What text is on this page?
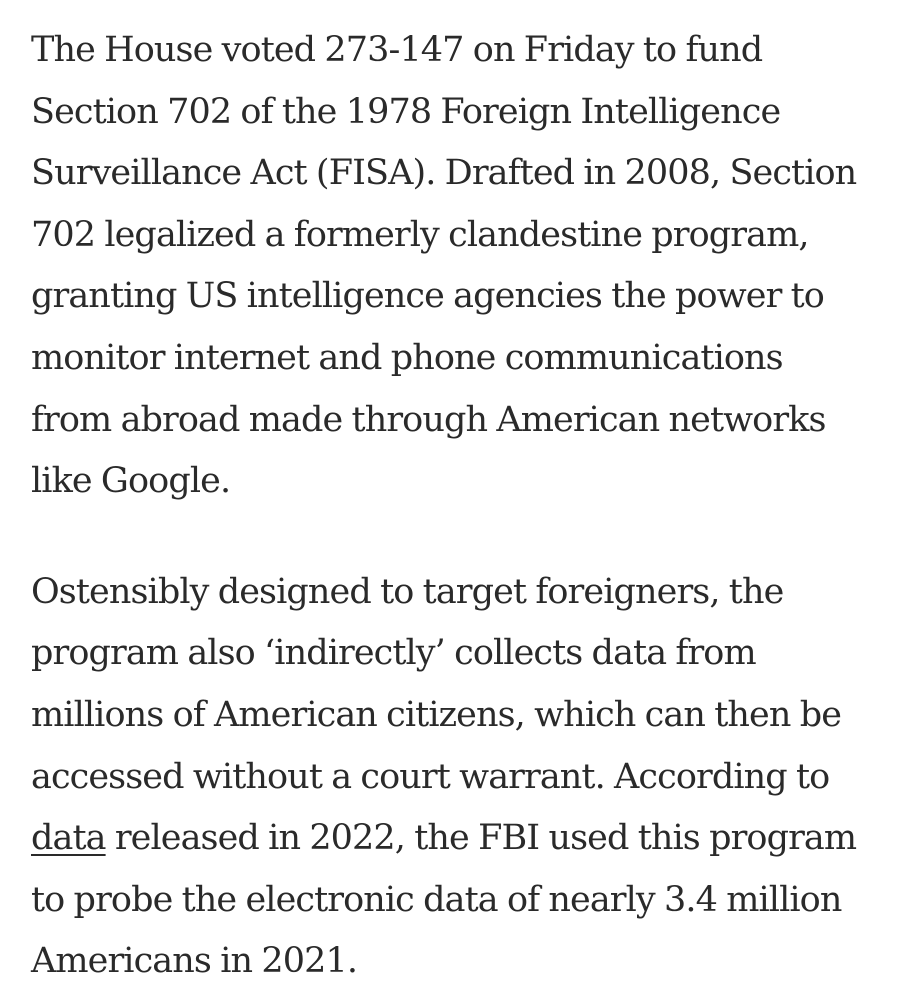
The House voted 273-147 on Friday to fund
Section 702 of the 1978 Foreign Intelligence
Surveillance Act (FISA). Drafted in 2008, Section
702 legalized a formerly clandestine program,
granting US intelligence agencies the power to
monitor internet and phone communications
from abroad made through American networks
like Google.

Ostensibly designed to target foreigners, the
program also ‘indirectly’ collects data from
millions of American citizens, which can then be
accessed without a court warrant. According to
data released in 2022, the FBI used this program
to probe the electronic data of nearly 3.4 million
Americans in 2021.
